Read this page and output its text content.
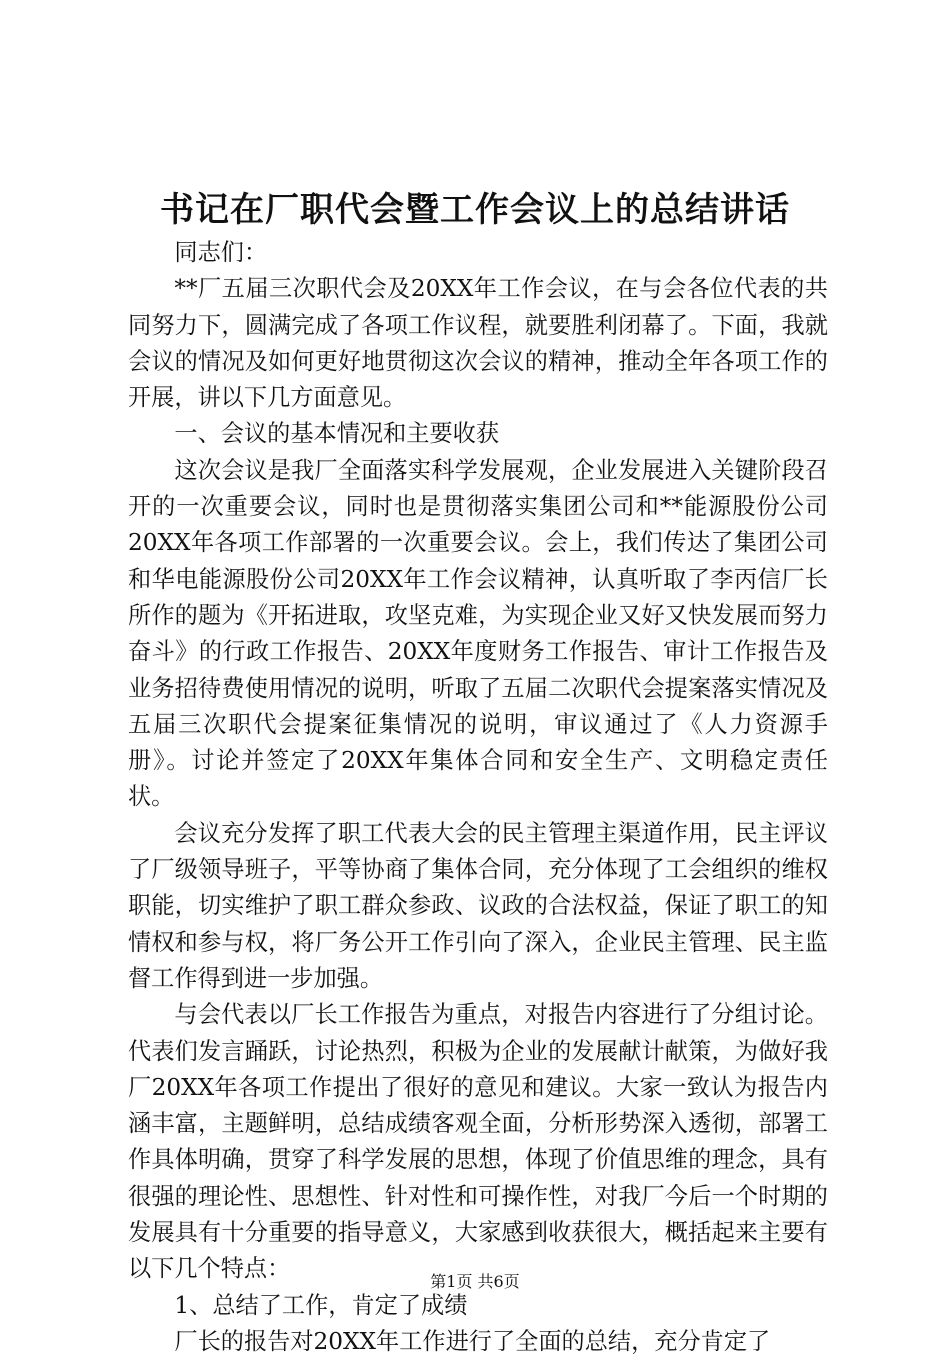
书记在厂职代会暨工作会议上的总结讲话

同志们：

**厂五届三次职代会及20XX年工作会议，在与会各位代表的共同努力下，圆满完成了各项工作议程，就要胜利闭幕了。下面，我就会议的情况及如何更好地贯彻这次会议的精神，推动全年各项工作的开展，讲以下几方面意见。

一、会议的基本情况和主要收获

这次会议是我厂全面落实科学发展观，企业发展进入关键阶段召开的一次重要会议，同时也是贯彻落实集团公司和**能源股份公司20XX年各项工作部署的一次重要会议。会上，我们传达了集团公司和华电能源股份公司20XX年工作会议精神，认真听取了李丙信厂长所作的题为《开拓进取，攻坚克难，为实现企业又好又快发展而努力奋斗》的行政工作报告、20XX年度财务工作报告、审计工作报告及业务招待费使用情况的说明，听取了五届二次职代会提案落实情况及五届三次职代会提案征集情况的说明，审议通过了《人力资源手册》。讨论并签定了20XX年集体合同和安全生产、文明稳定责任状。

会议充分发挥了职工代表大会的民主管理主渠道作用，民主评议了厂级领导班子，平等协商了集体合同，充分体现了工会组织的维权职能，切实维护了职工群众参政、议政的合法权益，保证了职工的知情权和参与权，将厂务公开工作引向了深入，企业民主管理、民主监督工作得到进一步加强。

与会代表以厂长工作报告为重点，对报告内容进行了分组讨论。代表们发言踊跃，讨论热烈，积极为企业的发展献计献策，为做好我厂20XX年各项工作提出了很好的意见和建议。大家一致认为报告内涵丰富，主题鲜明，总结成绩客观全面，分析形势深入透彻，部署工作具体明确，贯穿了科学发展的思想，体现了价值思维的理念，具有很强的理论性、思想性、针对性和可操作性，对我厂今后一个时期的发展具有十分重要的指导意义，大家感到收获很大，概括起来主要有以下几个特点：

1、总结了工作，肯定了成绩

厂长的报告对20XX年工作进行了全面的总结，充分肯定了

第1页 共6页
